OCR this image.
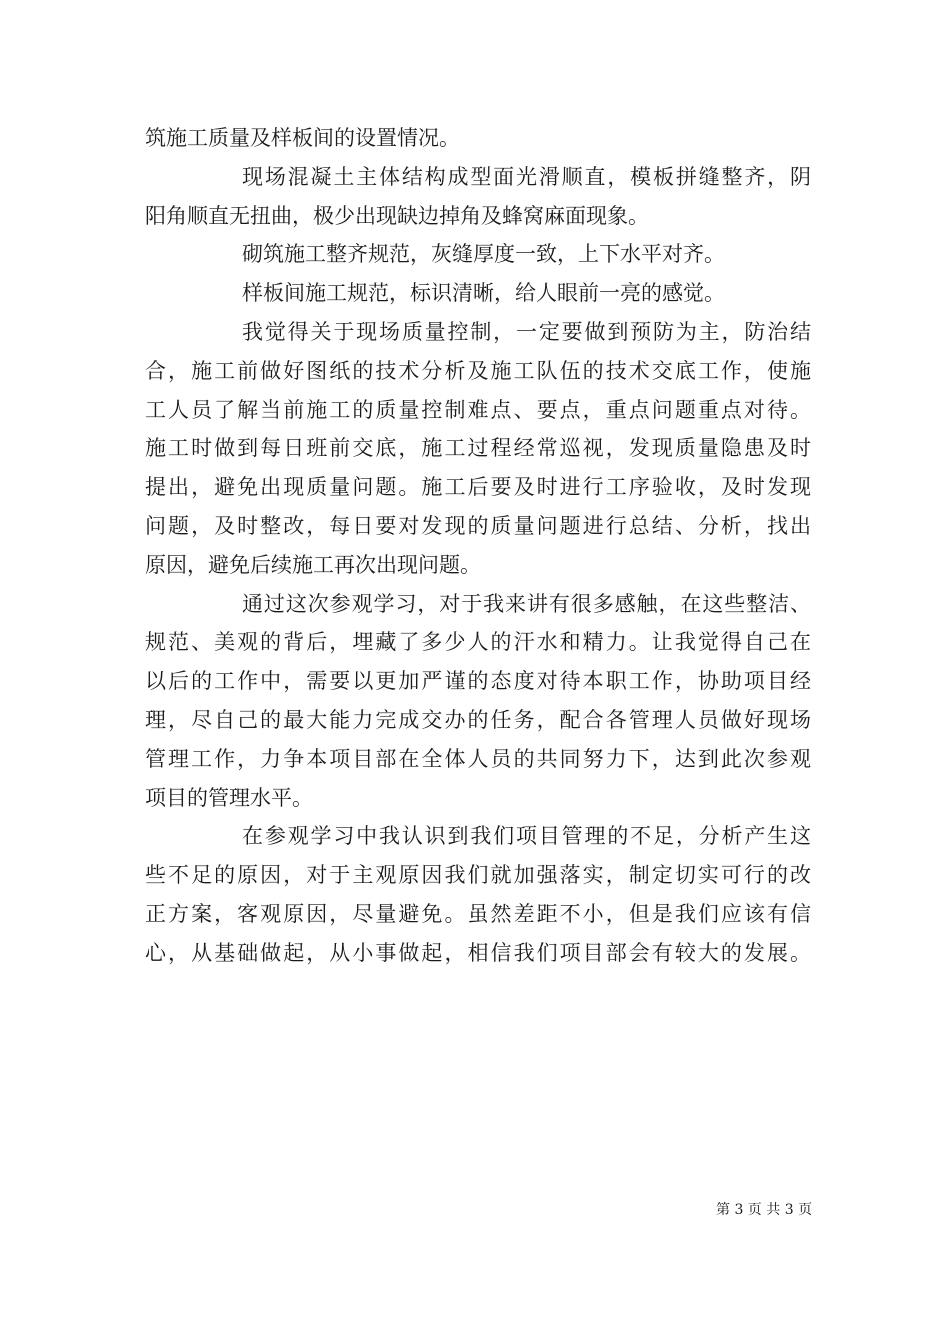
筑施工质量及样板间的设置情况。

现场混凝土主体结构成型面光滑顺直，模板拼缝整齐，阴
阳角顺直无扭曲，极少出现缺边掉角及蜂窝麻面现象。

砌筑施工整齐规范，灰缝厚度一致，上下水平对齐。

样板间施工规范，标识清晰，给人眼前一亮的感觉。

我觉得关于现场质量控制，一定要做到预防为主，防治结
合，施工前做好图纸的技术分析及施工队伍的技术交底工作，使施
工人员了解当前施工的质量控制难点、要点，重点问题重点对待。
施工时做到每日班前交底，施工过程经常巡视，发现质量隐患及时
提出，避免出现质量问题。施工后要及时进行工序验收，及时发现
问题，及时整改，每日要对发现的质量问题进行总结、分析，找出
原因，避免后续施工再次出现问题。

通过这次参观学习，对于我来讲有很多感触，在这些整洁、
规范、美观的背后，埋藏了多少人的汗水和精力。让我觉得自己在
以后的工作中，需要以更加严谨的态度对待本职工作，协助项目经
理，尽自己的最大能力完成交办的任务，配合各管理人员做好现场
管理工作，力争本项目部在全体人员的共同努力下，达到此次参观
项目的管理水平。

在参观学习中我认识到我们项目管理的不足，分析产生这
些不足的原因，对于主观原因我们就加强落实，制定切实可行的改
正方案，客观原因，尽量避免。虽然差距不小，但是我们应该有信
心，从基础做起，从小事做起，相信我们项目部会有较大的发展。

第 3 页 共 3 页
